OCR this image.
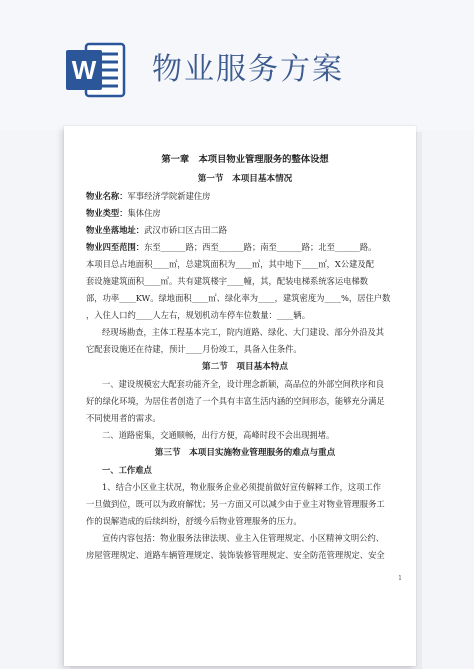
W 物业服务方案
第一章　本项目物业管理服务的整体设想
第一节　本项目基本情况
物业名称：军事经济学院新建住房
物业类型：集体住房
物业坐落地址：武汉市硚口区古田二路
物业四至范围：东至______路；西至______路；南至______路；北至______路。
本项目总占地面积____㎡，总建筑面积为____㎡，其中地下____㎡，X公建及配
套设施建筑面积____㎡。共有建筑楼宇____幢，其，配装电梯系统客运电梯数
部，功率____KW。绿地面积____㎡、绿化率为____，建筑密度为____%，居住户数
，入住人口约____人左右，规划机动车停车位数量：____辆。
经现场勘查，主体工程基本完工，院内道路、绿化、大门建设、部分外沿及其
它配套设施还在待建，预计____月份竣工，具备入住条件。
第二节　项目基本特点
一、建设规模宏大配套功能齐全，设计理念新颖，高品位的外部空间秩序和良
好的绿化环境，为居住者创造了一个具有丰富生活内涵的空间形态，能够充分满足
不同使用者的需求。
二、道路密集，交通顺畅，出行方便，高峰时段不会出现拥堵。
第三节　本项目实施物业管理服务的难点与重点
一、工作难点
1、结合小区业主状况，物业服务企业必须提前做好宣传解释工作，这项工作
一旦做到位，既可以为政府解忧；另一方面又可以减少由于业主对物业管理服务工
作的误解造成的后续纠纷，舒缓今后物业管理服务的压力。
宣传内容包括：物业服务法律法规、业主入住管理规定、小区精神文明公约、
房屋管理规定、道路车辆管理规定、装饰装修管理规定、安全防范管理规定、安全
1
